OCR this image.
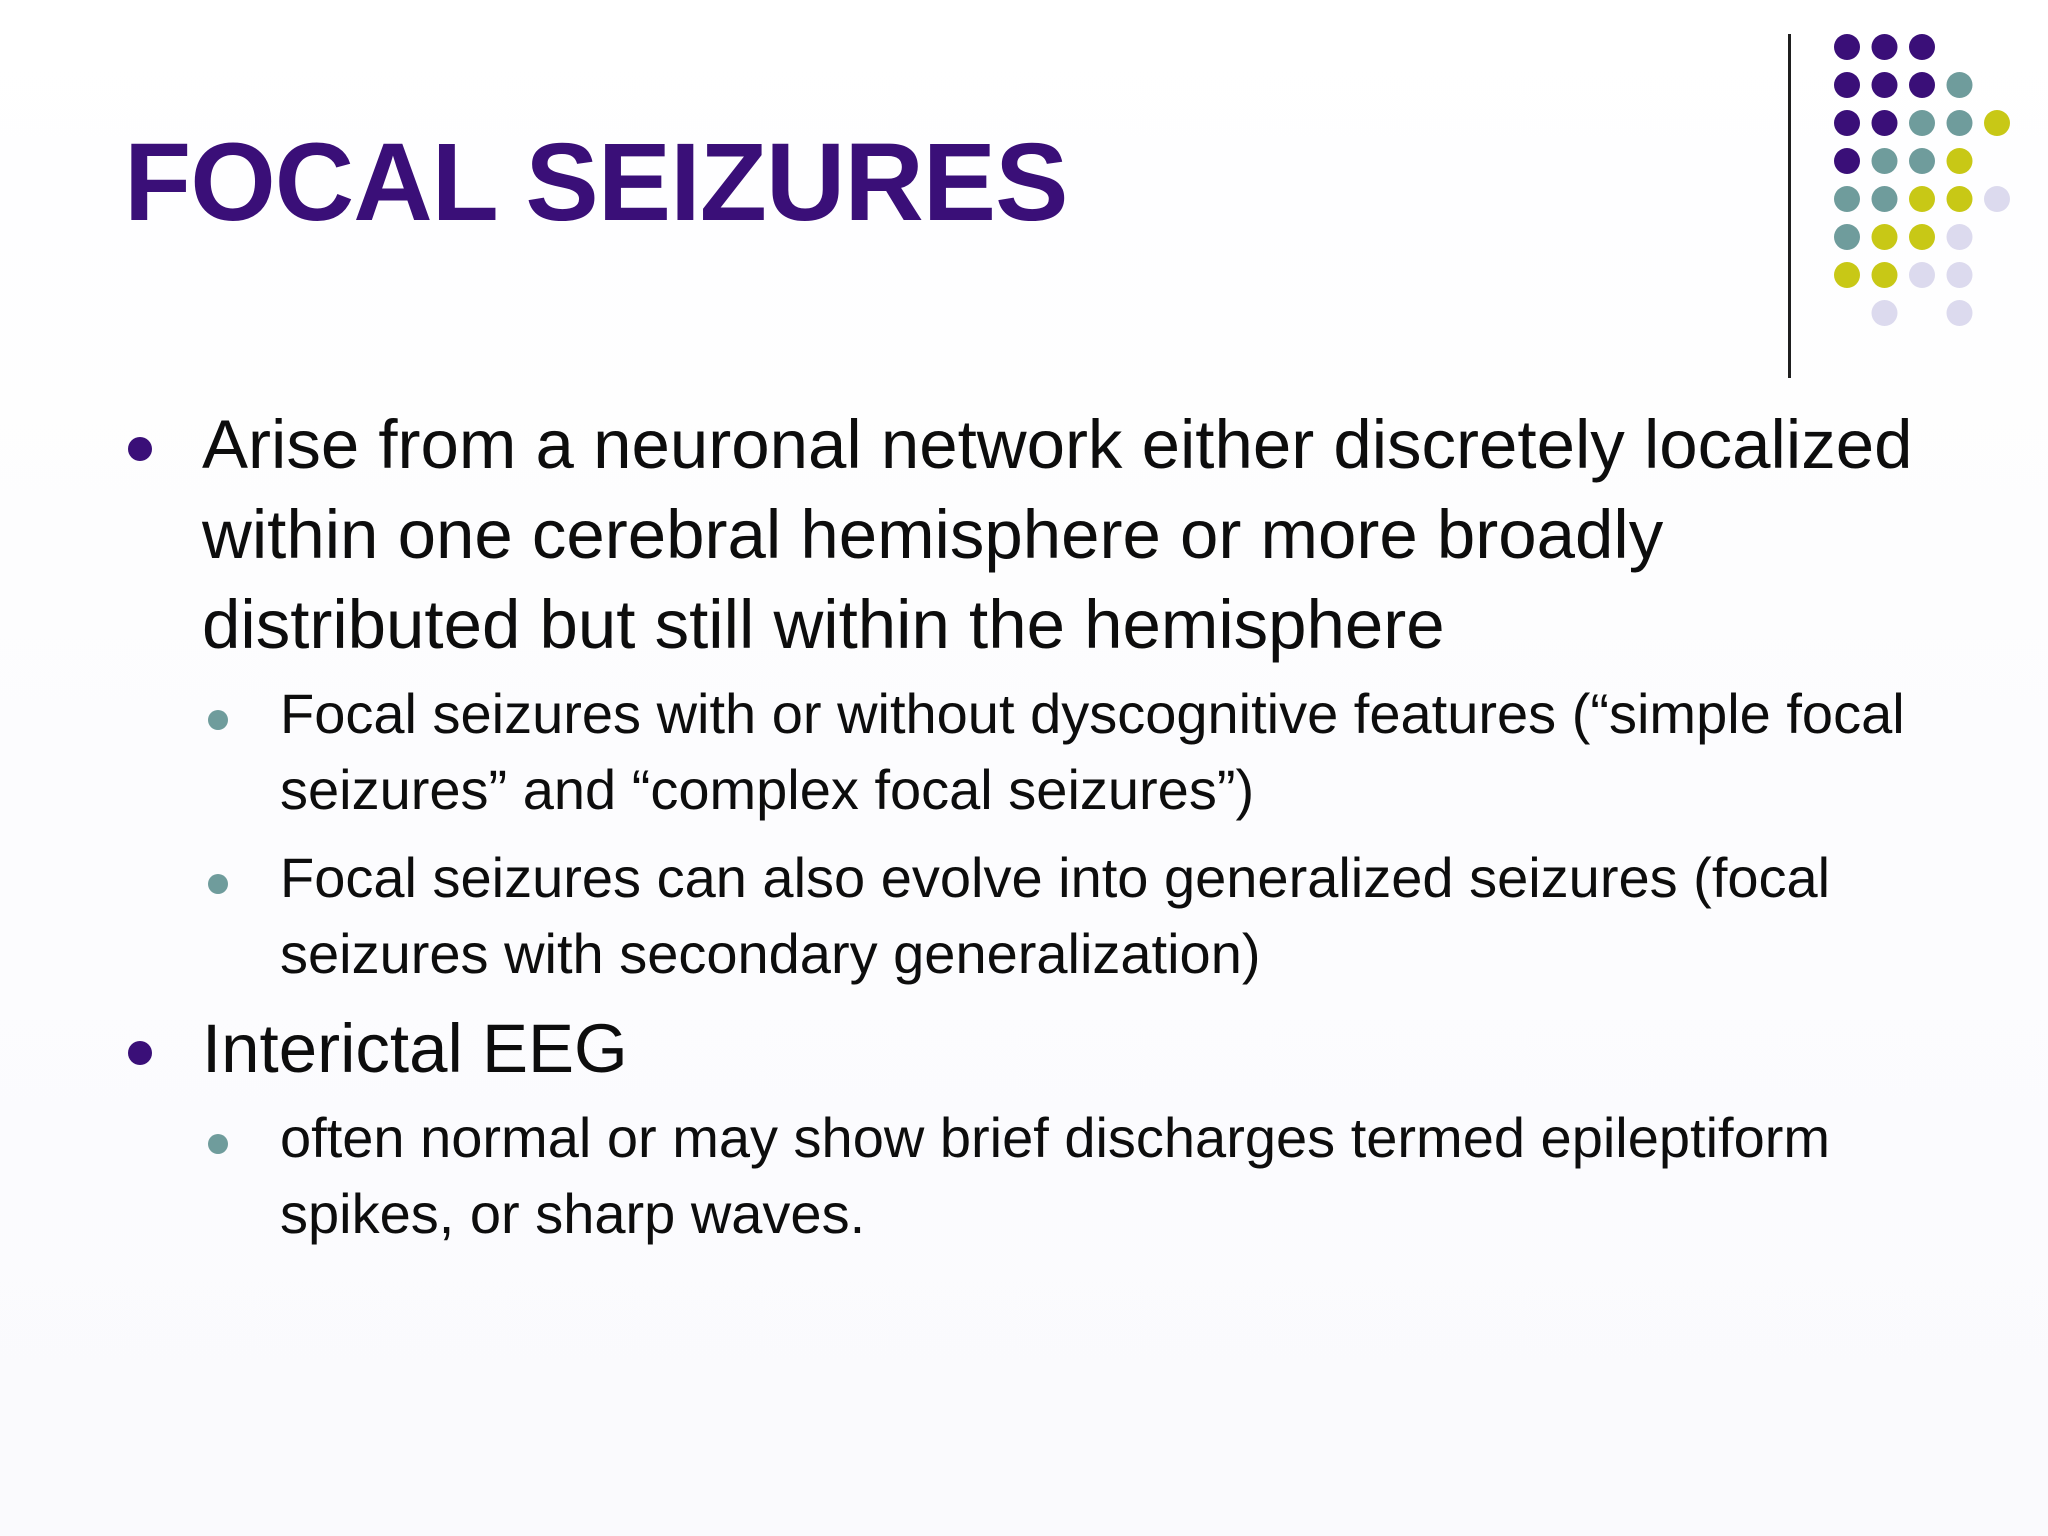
FOCAL SEIZURES
Arise from a neuronal network either discretely localized within one cerebral hemisphere or more broadly distributed but still within the hemisphere
Focal seizures with or without dyscognitive features (“simple focal seizures” and “complex focal seizures”)
Focal seizures can also evolve into generalized seizures (focal seizures with secondary generalization)
Interictal EEG
often normal or may show brief discharges termed epileptiform spikes, or sharp waves.
